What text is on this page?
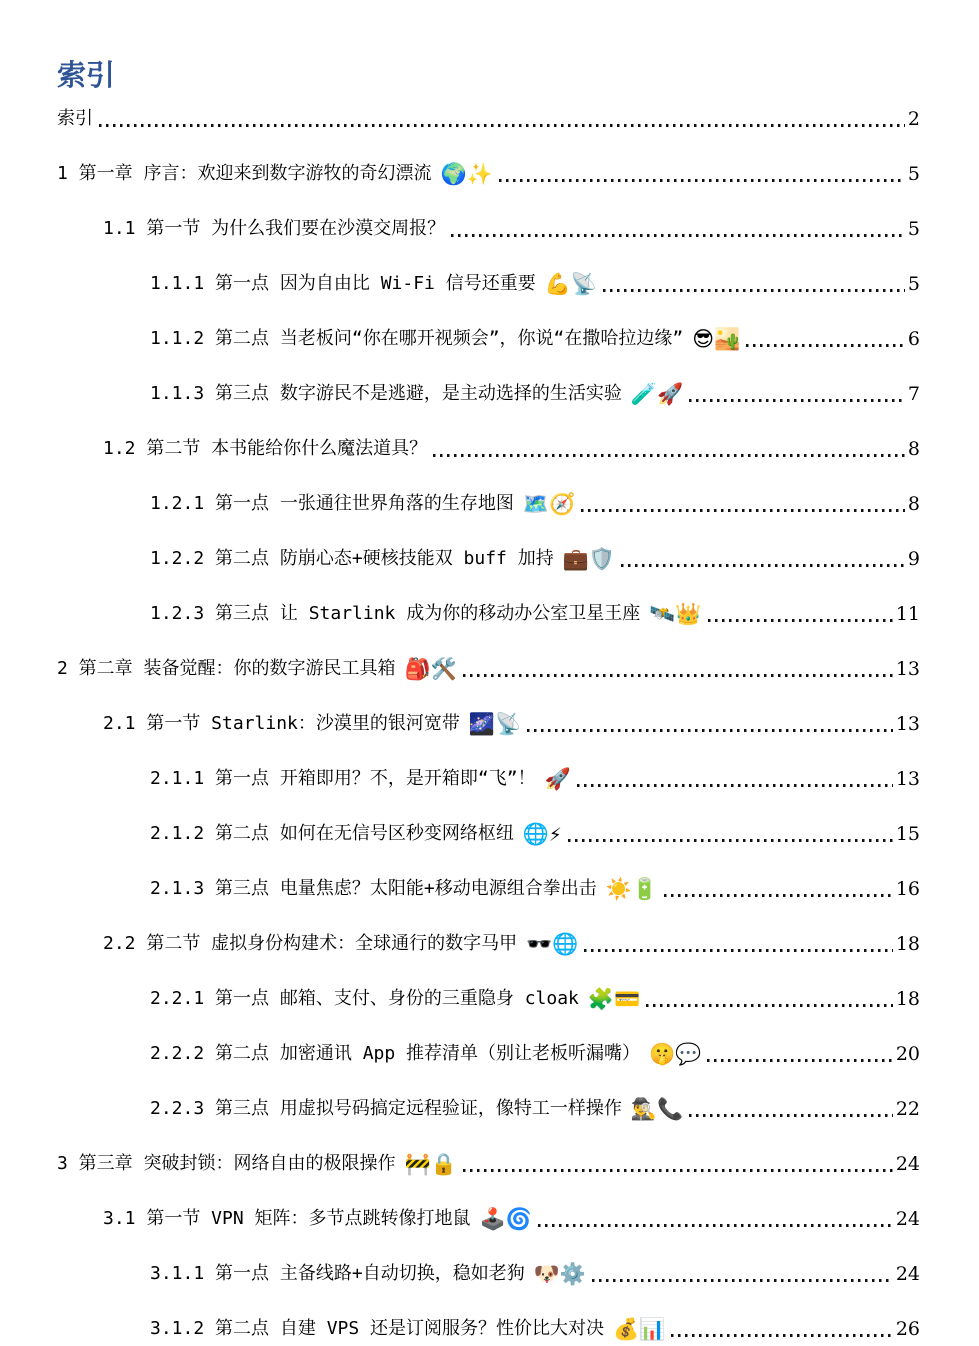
索引
索引	2
1 第一章 序言：欢迎来到数字游牧的奇幻漂流 🌍✨	5
1.1 第一节 为什么我们要在沙漠交周报？	5
1.1.1 第一点 因为自由比 Wi-Fi 信号还重要 💪📡	5
1.1.2 第二点 当老板问“你在哪开视频会”，你说“在撒哈拉边缘” 😎🏜️	6
1.1.3 第三点 数字游民不是逃避，是主动选择的生活实验 🧪🚀	7
1.2 第二节 本书能给你什么魔法道具？	8
1.2.1 第一点 一张通往世界角落的生存地图 🗺️🧭	8
1.2.2 第二点 防崩心态+硬核技能双 buff 加持 💼🛡️	9
1.2.3 第三点 让 Starlink 成为你的移动办公室卫星王座 🛰️👑	11
2 第二章 装备觉醒：你的数字游民工具箱 🎒🛠️	13
2.1 第一节 Starlink：沙漠里的银河宽带 🌌📡	13
2.1.1 第一点 开箱即用？不，是开箱即“飞”！ 🚀	13
2.1.2 第二点 如何在无信号区秒变网络枢纽 🌐⚡	15
2.1.3 第三点 电量焦虑？太阳能+移动电源组合拳出击 ☀️🔋	16
2.2 第二节 虚拟身份构建术：全球通行的数字马甲 🕶️🌐	18
2.2.1 第一点 邮箱、支付、身份的三重隐身 cloak 🧩💳	18
2.2.2 第二点 加密通讯 App 推荐清单（别让老板听漏嘴） 🤫💬	20
2.2.3 第三点 用虚拟号码搞定远程验证，像特工一样操作 🕵️‍♂️📞	22
3 第三章 突破封锁：网络自由的极限操作 🚧🔒	24
3.1 第一节 VPN 矩阵：多节点跳转像打地鼠 🕹️🌀	24
3.1.1 第一点 主备线路+自动切换，稳如老狗 🐶⚙️	24
3.1.2 第二点 自建 VPS 还是订阅服务？性价比大对决 💰📊	26
